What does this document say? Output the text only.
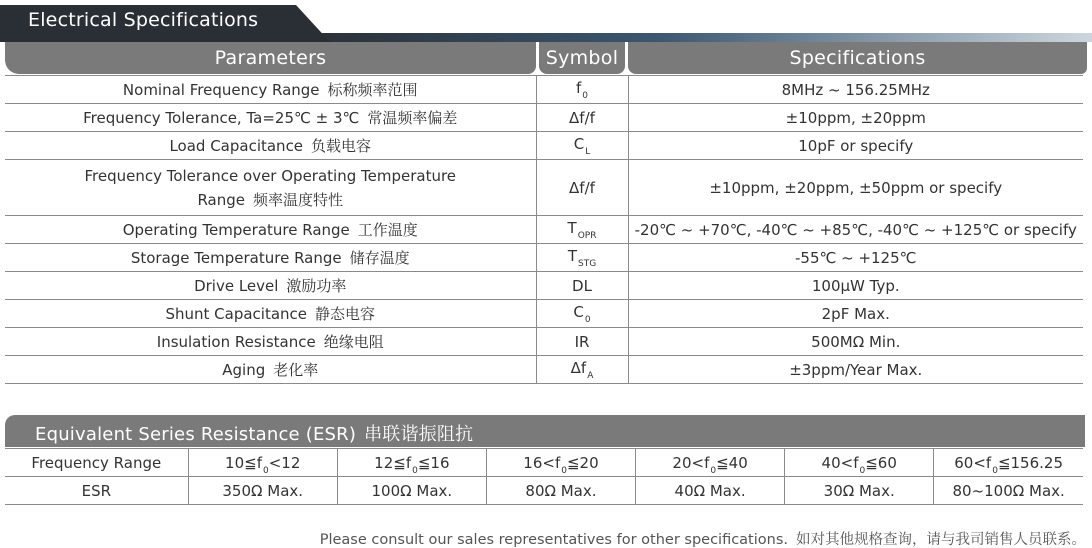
Electrical Specifications
Parameters	Symbol	Specifications
Nominal Frequency Range 标称频率范围	$f_0$	8MHz ~ 156.25MHz
Frequency Tolerance, Ta=25℃ ± 3℃ 常温频率偏差	Δf/f	±10ppm, ±20ppm
Load Capacitance 负载电容	$C_L$	10pF or specify
Frequency Tolerance over Operating Temperature
Range 频率温度特性	Δf/f	±10ppm, ±20ppm, ±50ppm or specify
Operating Temperature Range 工作温度	$T_{OPR}$	-20℃ ~ +70℃, -40℃ ~ +85℃, -40℃ ~ +125℃ or specify
Storage Temperature Range 储存温度	$T_{STG}$	-55℃ ~ +125℃
Drive Level 激励功率	DL	100μW Typ.
Shunt Capacitance 静态电容	$C_0$	2pF Max.
Insulation Resistance 绝缘电阻	IR	500MΩ Min.
Aging 老化率	$\Delta f_A$	±3ppm/Year Max.
Equivalent Series Resistance (ESR) 串联谐振阻抗
Frequency Range	$10≦f_0<12$	$12≦f_0≦16$	$16<f_0≦20$	$20<f_0≦40$	$40<f_0≦60$	$60<f_0≦156.25$
ESR	350Ω Max.	100Ω Max.	80Ω Max.	40Ω Max.	30Ω Max.	80~100Ω Max.
Please consult our sales representatives for other specifications. 如对其他规格查询，请与我司销售人员联系。
